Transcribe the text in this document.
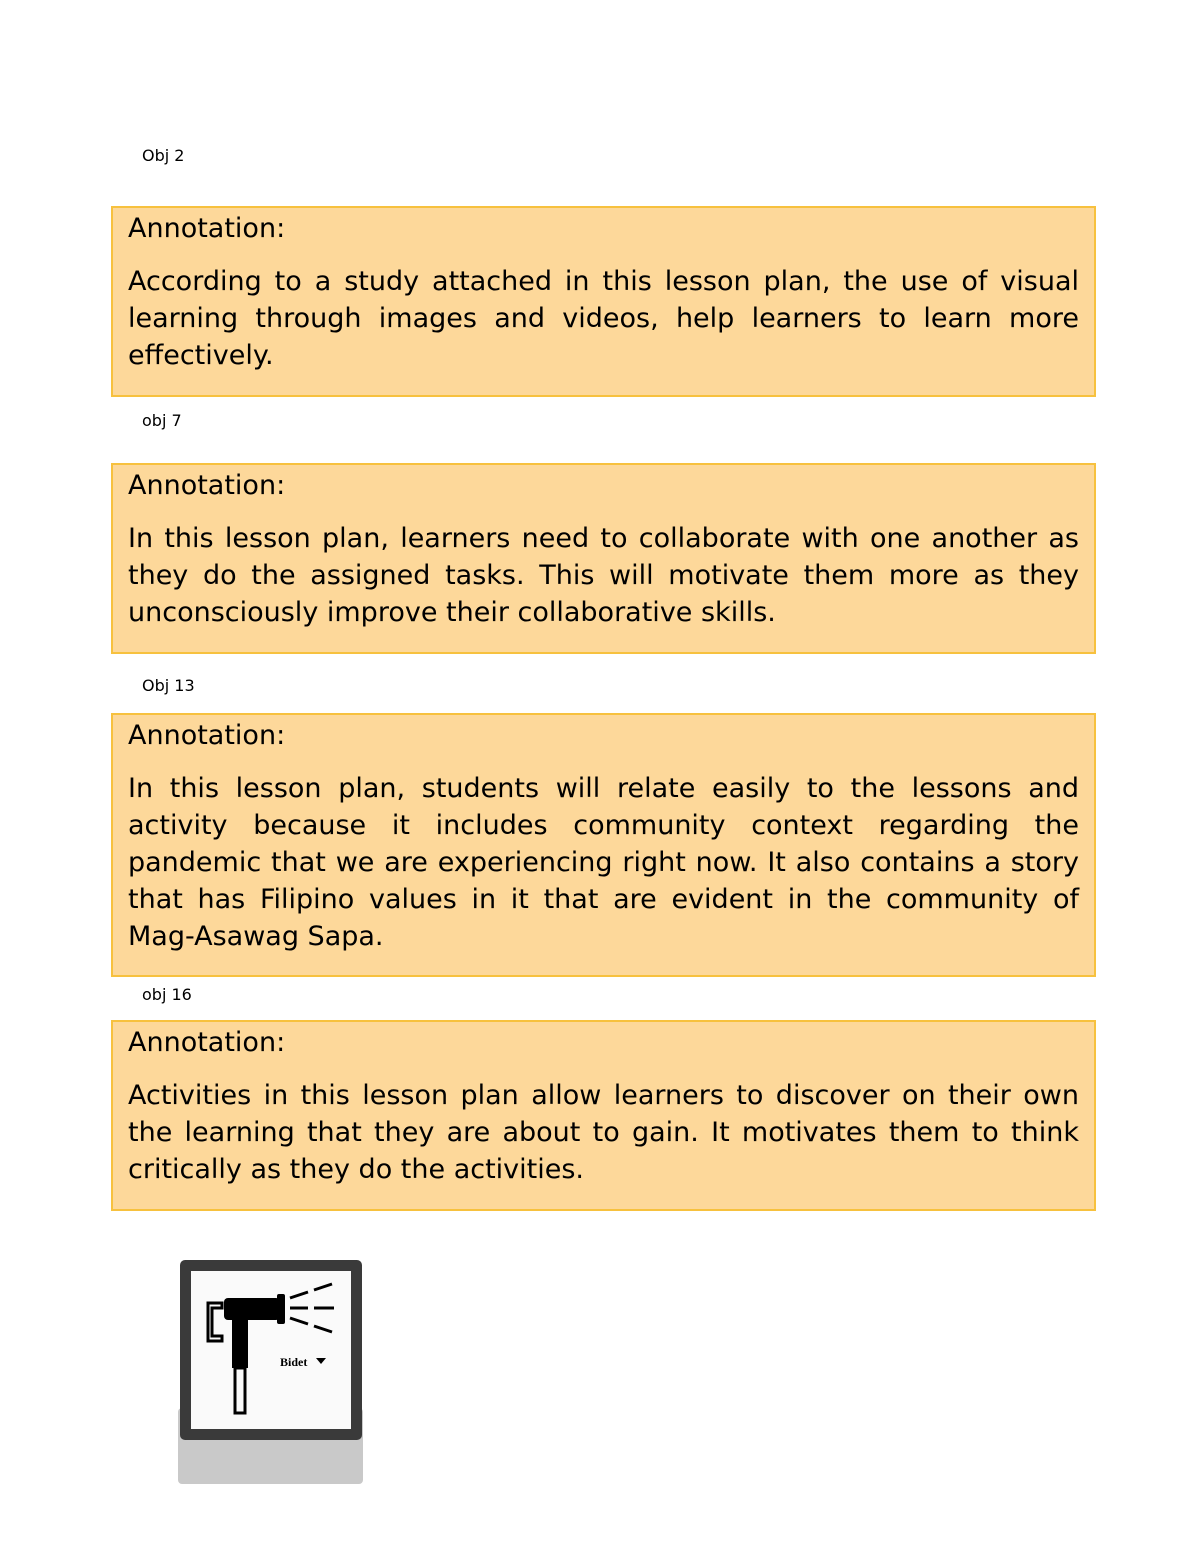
Obj 2

Annotation:

According to a study attached in this lesson plan, the use of visual learning through images and videos, help learners to learn more effectively.

obj 7

Annotation:

In this lesson plan, learners need to collaborate with one another as they do the assigned tasks. This will motivate them more as they unconsciously improve their collaborative skills.

Obj 13

Annotation:

In this lesson plan, students will relate easily to the lessons and activity because it includes community context regarding the pandemic that we are experiencing right now. It also contains a story that has Filipino values in it that are evident in the community of Mag-Asawag Sapa.

obj 16

Annotation:

Activities in this lesson plan allow learners to discover on their own the learning that they are about to gain. It motivates them to think critically as they do the activities.

Bidet
